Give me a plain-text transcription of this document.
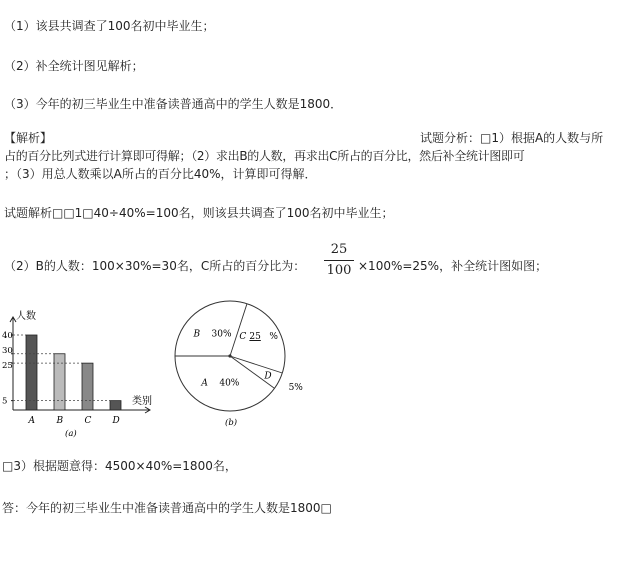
（1）该县共调查了100名初中毕业生；
（2）补全统计图见解析；
（3）今年的初三毕业生中准备读普通高中的学生人数是1800．
【解析】	试题分析：□1）根据A的人数与所
占的百分比列式进行计算即可得解；（2）求出B的人数，再求出C所占的百分比，然后补全统计图即可
；（3）用总人数乘以A所占的百分比40%，计算即可得解．
试题解析□□1□40÷40%=100名，则该县共调查了100名初中毕业生；
（2）B的人数：100×30%=30名，C所占的百分比为：
25
100 ×100%=25%，补全统计图如图；
5
25
30
40
人数
类别
A B C D
(a)
B 30% C 25 %
D
5%
A 40%
(b)
□3）根据题意得：4500×40%=1800名，
答：今年的初三毕业生中准备读普通高中的学生人数是1800□
